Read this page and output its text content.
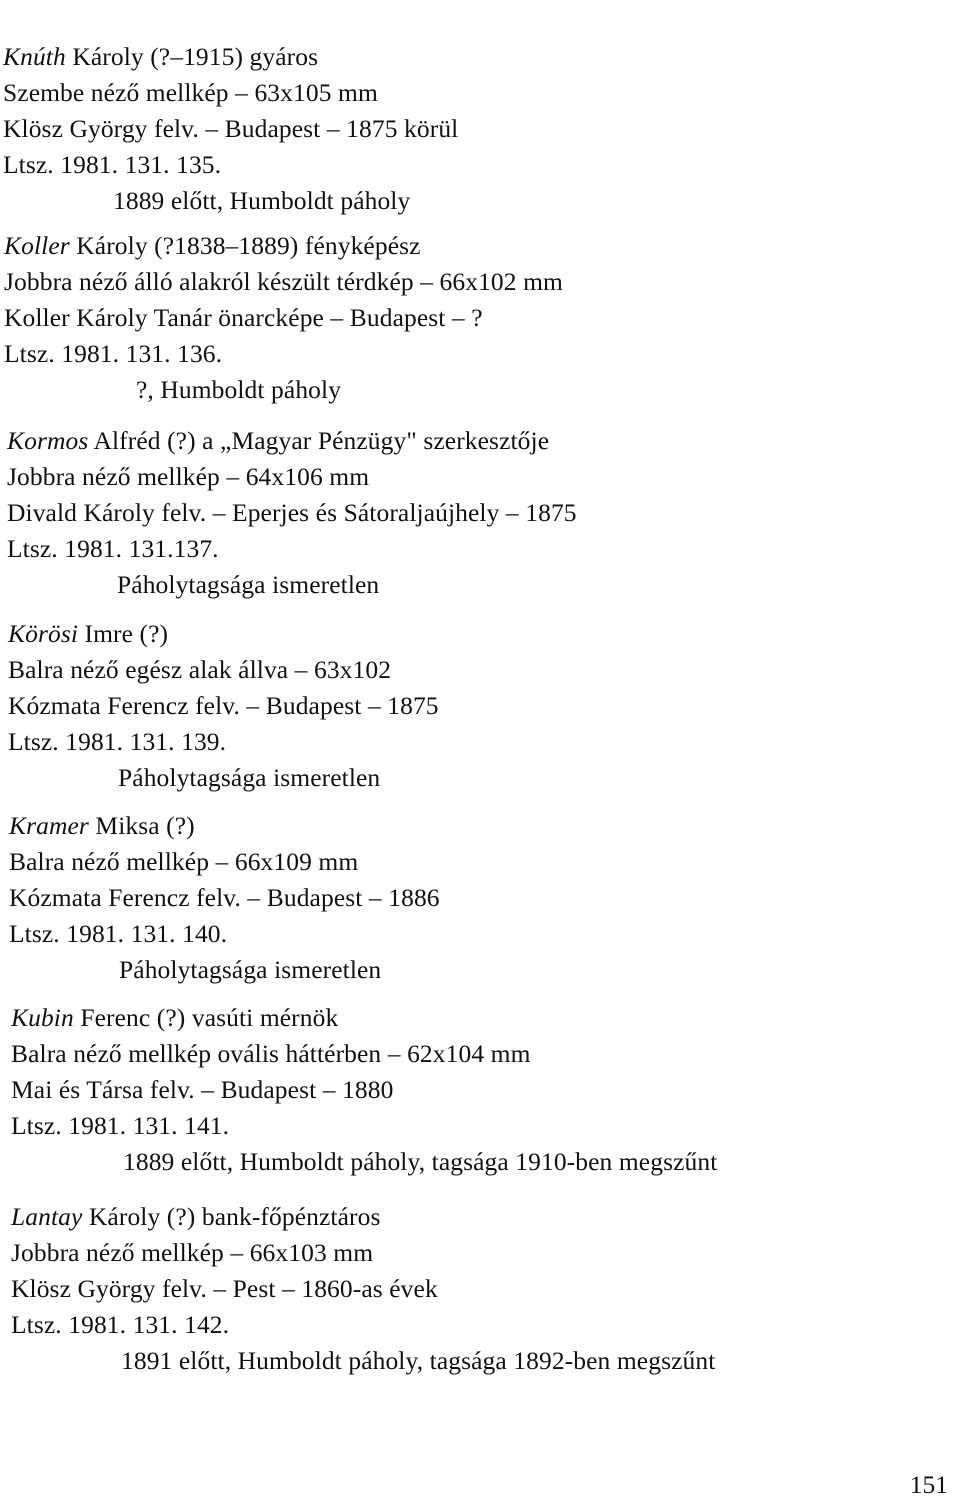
Knúth Károly (?–1915) gyáros
Szembe néző mellkép – 63x105 mm
Klösz György felv. – Budapest – 1875 körül
Ltsz. 1981. 131. 135.
1889 előtt, Humboldt páholy
Koller Károly (?1838–1889) fényképész
Jobbra néző álló alakról készült térdkép – 66x102 mm
Koller Károly Tanár önarcképe – Budapest – ?
Ltsz. 1981. 131. 136.
?, Humboldt páholy
Kormos Alfréd (?) a „Magyar Pénzügy" szerkesztője
Jobbra néző mellkép – 64x106 mm
Divald Károly felv. – Eperjes és Sátoraljaújhely – 1875
Ltsz. 1981. 131.137.
Páholytagsága ismeretlen
Körösi Imre (?)
Balra néző egész alak állva – 63x102
Kózmata Ferencz felv. – Budapest – 1875
Ltsz. 1981. 131. 139.
Páholytagsága ismeretlen
Kramer Miksa (?)
Balra néző mellkép – 66x109 mm
Kózmata Ferencz felv. – Budapest – 1886
Ltsz. 1981. 131. 140.
Páholytagsága ismeretlen
Kubin Ferenc (?) vasúti mérnök
Balra néző mellkép ovális háttérben – 62x104 mm
Mai és Társa felv. – Budapest – 1880
Ltsz. 1981. 131. 141.
1889 előtt, Humboldt páholy, tagsága 1910-ben megszűnt
Lantay Károly (?) bank-főpénztáros
Jobbra néző mellkép – 66x103 mm
Klösz György felv. – Pest – 1860-as évek
Ltsz. 1981. 131. 142.
1891 előtt, Humboldt páholy, tagsága 1892-ben megszűnt
151
